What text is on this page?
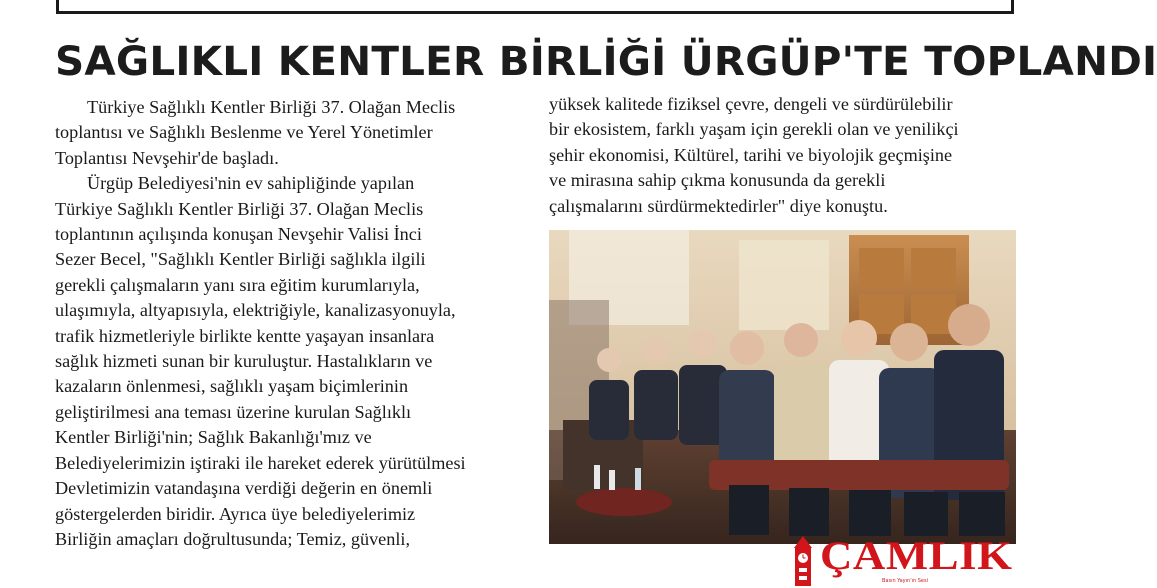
SAĞLIKLI KENTLER BİRLİĞİ ÜRGÜP'TE TOPLANDI
Türkiye Sağlıklı Kentler Birliği 37. Olağan Meclis
toplantısı ve Sağlıklı Beslenme ve Yerel Yönetimler
Toplantısı Nevşehir'de başladı.
Ürgüp Belediyesi'nin ev sahipliğinde yapılan
Türkiye Sağlıklı Kentler Birliği 37. Olağan Meclis
toplantının açılışında konuşan Nevşehir Valisi İnci
Sezer Becel, "Sağlıklı Kentler Birliği sağlıkla ilgili
gerekli çalışmaların yanı sıra eğitim kurumlarıyla,
ulaşımıyla, altyapısıyla, elektriğiyle, kanalizasyonuyla,
trafik hizmetleriyle birlikte kentte yaşayan insanlara
sağlık hizmeti sunan bir kuruluştur. Hastalıkların ve
kazaların önlenmesi, sağlıklı yaşam biçimlerinin
geliştirilmesi ana teması üzerine kurulan Sağlıklı
Kentler Birliği'nin; Sağlık Bakanlığı'mız ve
Belediyelerimizin iştiraki ile hareket ederek yürütülmesi
Devletimizin vatandaşına verdiği değerin en önemli
göstergelerden biridir. Ayrıca üye belediyelerimiz
Birliğin amaçları doğrultusunda; Temiz, güvenli,
yüksek kalitede fiziksel çevre, dengeli ve sürdürülebilir
bir ekosistem, farklı yaşam için gerekli olan ve yenilikçi
şehir ekonomisi, Kültürel, tarihi ve biyolojik geçmişine
ve mirasına sahip çıkma konusunda da gerekli
çalışmalarını sürdürmektedirler" diye konuştu.
ÇAMLIK
Basın Yayın'ın Sesi
